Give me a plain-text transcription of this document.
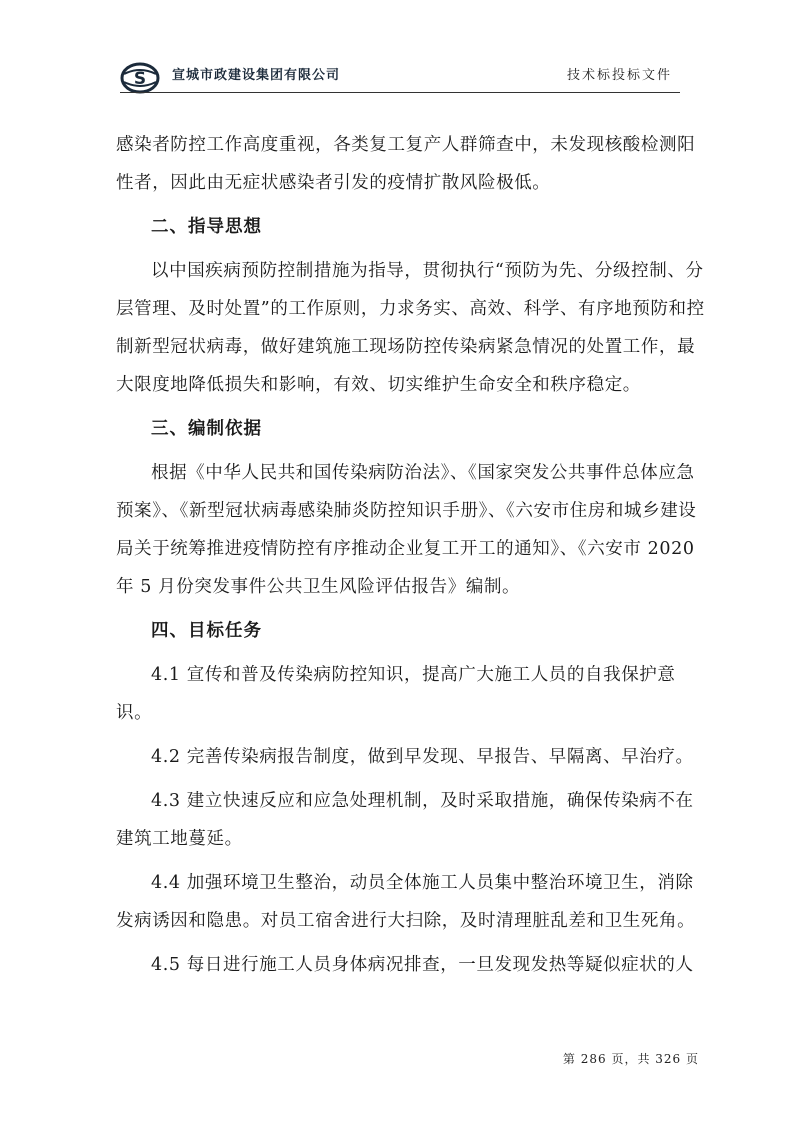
S 宣城市政建设集团有限公司	技术标投标文件

感染者防控工作高度重视，各类复工复产人群筛查中，未发现核酸检测阳性者，因此由无症状感染者引发的疫情扩散风险极低。

二、指导思想

以中国疾病预防控制措施为指导，贯彻执行“预防为先、分级控制、分层管理、及时处置”的工作原则，力求务实、高效、科学、有序地预防和控制新型冠状病毒，做好建筑施工现场防控传染病紧急情况的处置工作，最大限度地降低损失和影响，有效、切实维护生命安全和秩序稳定。

三、编制依据

根据《中华人民共和国传染病防治法》、《国家突发公共事件总体应急预案》、《新型冠状病毒感染肺炎防控知识手册》、《六安市住房和城乡建设局关于统筹推进疫情防控有序推动企业复工开工的通知》、《六安市 2020 年 5 月份突发事件公共卫生风险评估报告》编制。

四、目标任务

4.1 宣传和普及传染病防控知识，提高广大施工人员的自我保护意识。

4.2 完善传染病报告制度，做到早发现、早报告、早隔离、早治疗。

4.3 建立快速反应和应急处理机制，及时采取措施，确保传染病不在建筑工地蔓延。

4.4 加强环境卫生整治，动员全体施工人员集中整治环境卫生，消除发病诱因和隐患。对员工宿舍进行大扫除，及时清理脏乱差和卫生死角。

4.5 每日进行施工人员身体病况排查，一旦发现发热等疑似症状的人

第 286 页，共 326 页
